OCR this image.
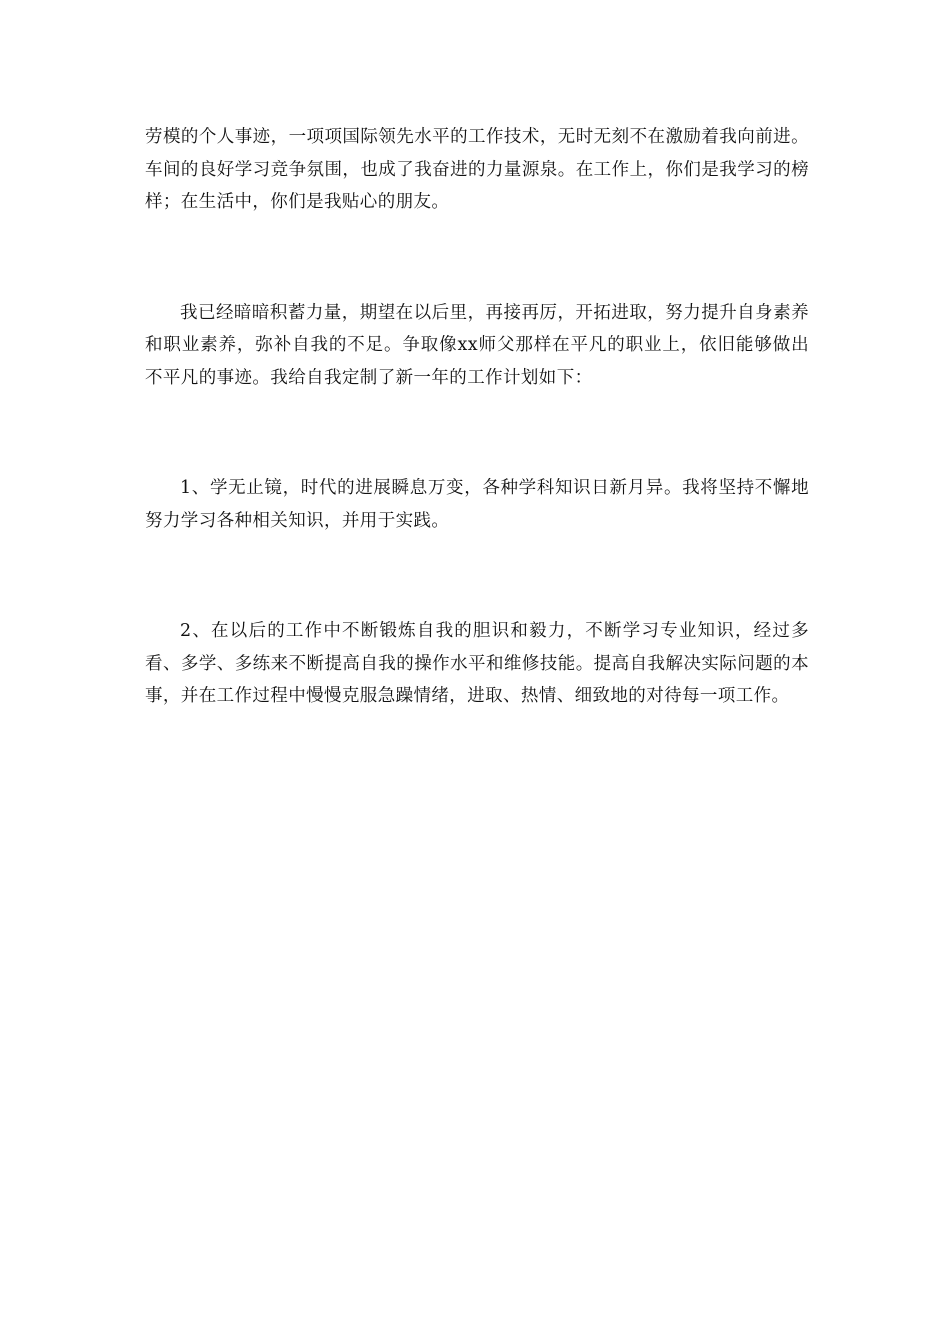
劳模的个人事迹，一项项国际领先水平的工作技术，无时无刻不在激励着我向前进。车间的良好学习竞争氛围，也成了我奋进的力量源泉。在工作上，你们是我学习的榜样；在生活中，你们是我贴心的朋友。

我已经暗暗积蓄力量，期望在以后里，再接再厉，开拓进取，努力提升自身素养和职业素养，弥补自我的不足。争取像xx师父那样在平凡的职业上，依旧能够做出不平凡的事迹。我给自我定制了新一年的工作计划如下：

1、学无止镜，时代的进展瞬息万变，各种学科知识日新月异。我将坚持不懈地努力学习各种相关知识，并用于实践。

2、在以后的工作中不断锻炼自我的胆识和毅力，不断学习专业知识，经过多看、多学、多练来不断提高自我的操作水平和维修技能。提高自我解决实际问题的本事，并在工作过程中慢慢克服急躁情绪，进取、热情、细致地的对待每一项工作。
